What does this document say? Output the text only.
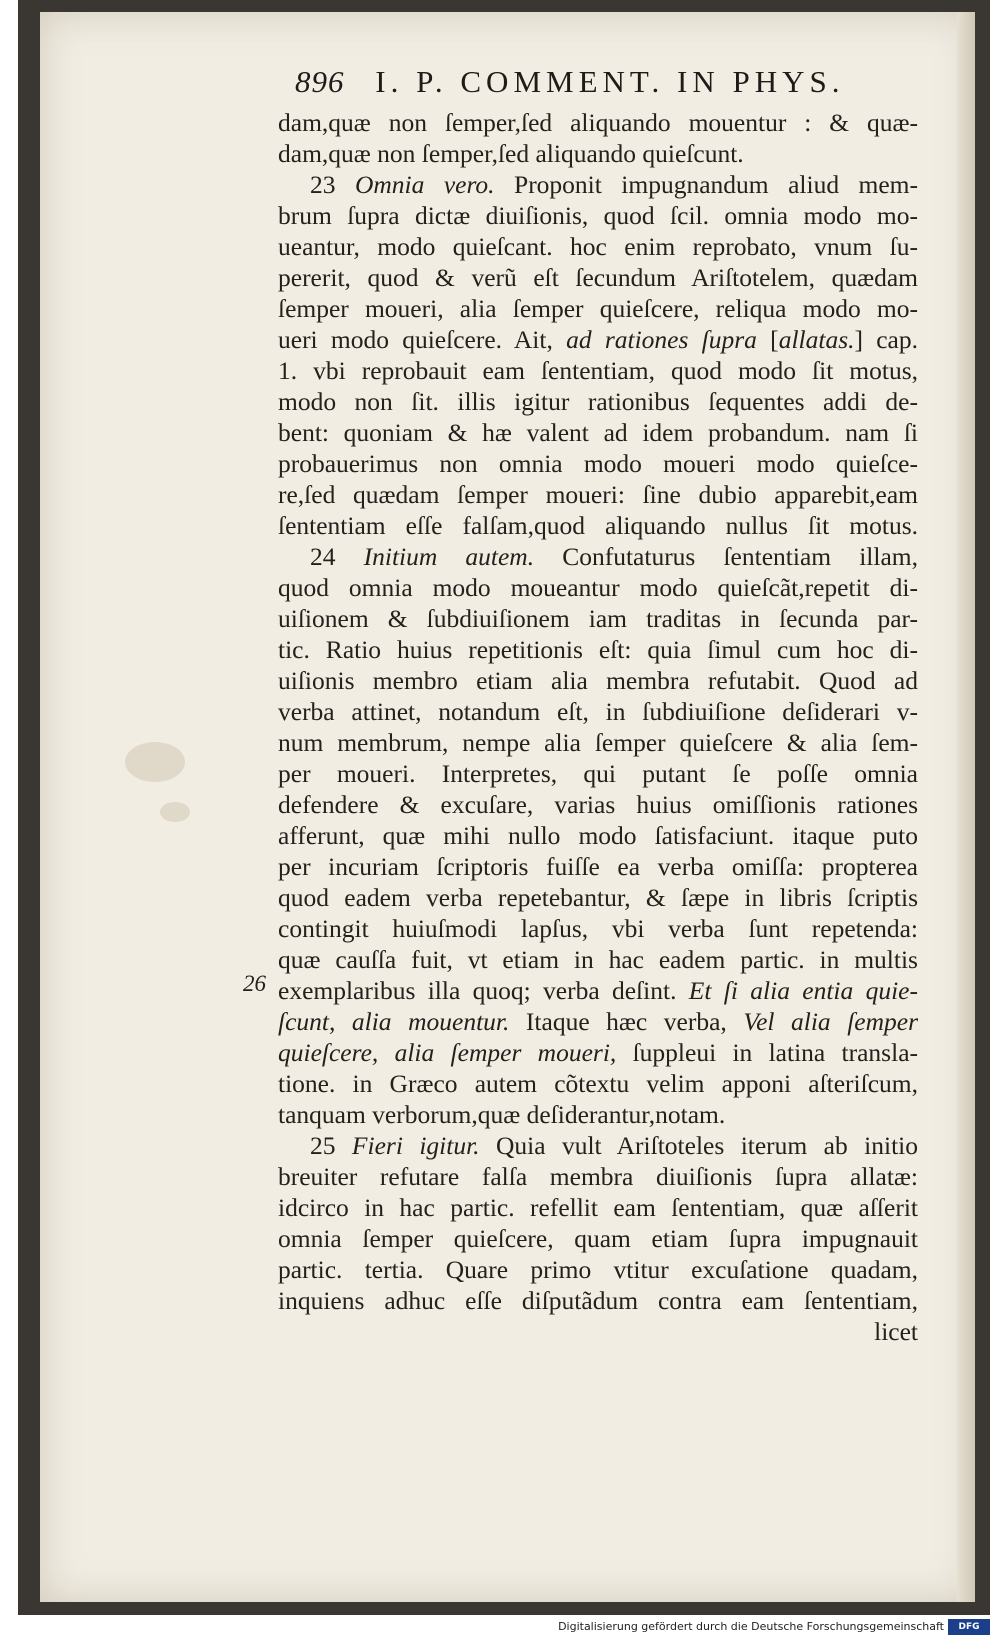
896 I. P. COMMENT. IN PHYS.
26
dam,quæ non ſemper,ſed aliquando mouentur : & quæ-
dam,quæ non ſemper,ſed aliquando quieſcunt.
23 Omnia vero. Proponit impugnandum aliud mem-
brum ſupra dictæ diuiſionis, quod ſcil. omnia modo mo-
ueantur, modo quieſcant. hoc enim reprobato, vnum ſu-
pererit, quod & verũ eſt ſecundum Ariſtotelem, quædam
ſemper moueri, alia ſemper quieſcere, reliqua modo mo-
ueri modo quieſcere. Ait, ad rationes ſupra [allatas.] cap.
1. vbi reprobauit eam ſententiam, quod modo ſit motus,
modo non ſit. illis igitur rationibus ſequentes addi de-
bent: quoniam & hæ valent ad idem probandum. nam ſi
probauerimus non omnia modo moueri modo quieſce-
re,ſed quædam ſemper moueri: ſine dubio apparebit,eam
ſententiam eſſe falſam,quod aliquando nullus ſit motus.
24 Initium autem. Confutaturus ſententiam illam,
quod omnia modo moueantur modo quieſcãt,repetit di-
uiſionem & ſubdiuiſionem iam traditas in ſecunda par-
tic. Ratio huius repetitionis eſt: quia ſimul cum hoc di-
uiſionis membro etiam alia membra refutabit. Quod ad
verba attinet, notandum eſt, in ſubdiuiſione deſiderari v-
num membrum, nempe alia ſemper quieſcere & alia ſem-
per moueri. Interpretes, qui putant ſe poſſe omnia
defendere & excuſare, varias huius omiſſionis rationes
afferunt, quæ mihi nullo modo ſatisfaciunt. itaque puto
per incuriam ſcriptoris fuiſſe ea verba omiſſa: propterea
quod eadem verba repetebantur, & ſæpe in libris ſcriptis
contingit huiuſmodi lapſus, vbi verba ſunt repetenda:
quæ cauſſa fuit, vt etiam in hac eadem partic. in multis
exemplaribus illa quoq; verba deſint. Et ſi alia entia quie-
ſcunt, alia mouentur. Itaque hæc verba, Vel alia ſemper
quieſcere, alia ſemper moueri, ſuppleui in latina transla-
tione. in Græco autem cõtextu velim apponi aſteriſcum,
tanquam verborum,quæ deſiderantur,notam.
25 Fieri igitur. Quia vult Ariſtoteles iterum ab initio
breuiter refutare falſa membra diuiſionis ſupra allatæ:
idcirco in hac partic. refellit eam ſententiam, quæ aſſerit
omnia ſemper quieſcere, quam etiam ſupra impugnauit
partic. tertia. Quare primo vtitur excuſatione quadam,
inquiens adhuc eſſe diſputãdum contra eam ſententiam,
licet
Digitalisierung gefördert durch die Deutsche Forschungsgemeinschaft	DFG
